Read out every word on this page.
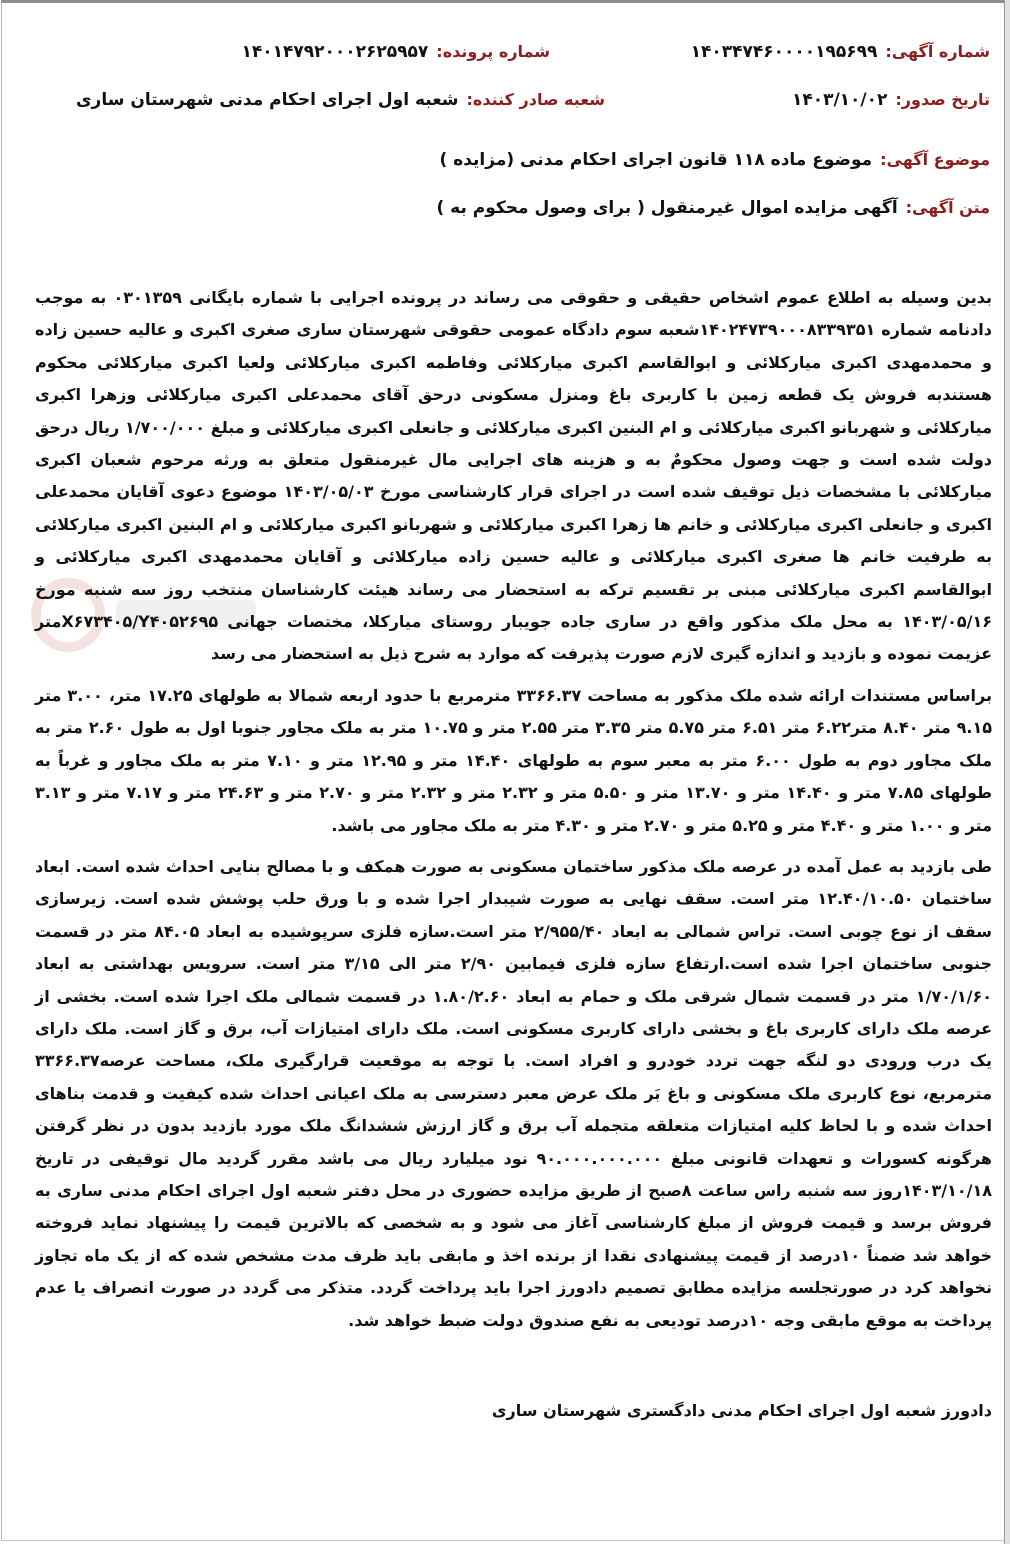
شماره آگهی:۱۴۰۳۴۷۴۶۰۰۰۰۱۹۵۶۹۹
شماره پرونده:۱۴۰۱۴۷۹۲۰۰۰۲۶۲۵۹۵۷
تاریخ صدور:۱۴۰۳/۱۰/۰۲
شعبه صادر کننده:شعبه اول اجرای احکام مدنی شهرستان ساری
موضوع آگهی:موضوع ماده ۱۱۸ قانون اجرای احکام مدنی (مزایده )
متن آگهی:آگهی مزایده اموال غیرمنقول ( برای وصول محکوم به )

بدین وسیله به اطلاع عموم اشخاص حقیقی و حقوقی می رساند در پرونده اجرایی با شماره بایگانی ۰۳۰۱۳۵۹ به موجب دادنامه شماره ۱۴۰۲۴۷۳۹۰۰۰۸۳۳۹۳۵۱شعبه سوم دادگاه عمومی حقوقی شهرستان ساری صغری اکبری و عالیه حسین زاده و محمدمهدی اکبری میارکلائی و ابوالقاسم اکبری میارکلائی وفاطمه اکبری میارکلائی ولعیا اکبری میارکلائی محکوم هستندبه فروش یک قطعه زمین با کاربری باغ ومنزل مسکونی درحق آقای محمدعلی اکبری میارکلائی وزهرا اکبری میارکلائی و شهربانو اکبری میارکلائی و ام البنین اکبری میارکلائی و جانعلی اکبری میارکلائی و مبلغ ۱/۷۰۰/۰۰۰ ریال درحق دولت شده است و جهت وصول محکومٌ به و هزینه های اجرایی مال غیرمنقول متعلق به ورثه مرحوم شعبان اکبری میارکلائی با مشخصات ذیل توقیف شده است در اجرای قرار کارشناسی مورخ ۱۴۰۳/۰۵/۰۳ موضوع دعوی آقایان محمدعلی اکبری و جانعلی اکبری میارکلائی و خانم ها زهرا اکبری میارکلائی و شهربانو اکبری میارکلائی و ام البنین اکبری میارکلائی به طرفیت خانم ها صغری اکبری میارکلائی و عالیه حسین زاده میارکلائی و آقایان محمدمهدی اکبری میارکلائی و ابوالقاسم اکبری میارکلائی مبنی بر تقسیم ترکه به استحضار می رساند هیئت کارشناسان منتخب روز سه شنبه مورخ ۱۴۰۳/۰۵/۱۶ به محل ملک مذکور واقع در ساری جاده جویبار روستای میارکلا، مختصات جهانی X۶۷۳۴۰۵/Y۴۰۵۲۶۹۵متر عزیمت نموده و بازدید و اندازه گیری لازم صورت پذیرفت که موارد به شرح ذیل به استحضار می رسد

براساس مستندات ارائه شده ملک مذکور به مساحت ۳۳۶۶.۳۷ مترمربع با حدود اربعه شمالا به طولهای ۱۷.۲۵ متر، ۳.۰۰ متر ۹.۱۵ متر ۸.۴۰ متر۶.۲۲ متر ۶.۵۱ متر ۵.۷۵ متر ۳.۳۵ متر ۲.۵۵ متر و ۱۰.۷۵ متر به ملک مجاور جنوبا اول به طول ۲.۶۰ متر به ملک مجاور دوم به طول ۶.۰۰ متر به معبر سوم به طولهای ۱۴.۴۰ متر و ۱۲.۹۵ متر و ۷.۱۰ متر به ملک مجاور و غرباً به طولهای ۷.۸۵ متر و ۱۴.۴۰ متر و ۱۳.۷۰ متر و ۵.۵۰ متر و ۲.۳۲ متر و ۲.۳۲ متر و ۲.۷۰ متر و ۲۴.۶۳ متر و ۷.۱۷ متر و ۳.۱۳ متر و ۱.۰۰ متر و ۴.۴۰ متر و ۵.۲۵ متر و ۲.۷۰ متر و ۴.۳۰ متر به ملک مجاور می باشد.

طی بازدید به عمل آمده در عرصه ملک مذکور ساختمان مسکونی به صورت همکف و با مصالح بنایی احداث شده است. ابعاد ساختمان ۱۲.۴۰/۱۰.۵۰ متر است. سقف نهایی به صورت شیبدار اجرا شده و با ورق حلب پوشش شده است. زیرسازی سقف از نوع چوبی است. تراس شمالی به ابعاد ۲/۹۵۵/۴۰ متر است.سازه فلزی سرپوشیده به ابعاد ۸۴.۰۵ متر در قسمت جنوبی ساختمان اجرا شده است.ارتفاع سازه فلزی فیمابین ۲/۹۰ متر الی ۳/۱۵ متر است. سرویس بهداشتی به ابعاد ۱/۷۰/۱/۶۰ متر در قسمت شمال شرقی ملک و حمام به ابعاد ۱.۸۰/۲.۶۰ در قسمت شمالی ملک اجرا شده است. بخشی از عرصه ملک دارای کاربری باغ و بخشی دارای کاربری مسکونی است. ملک دارای امتیازات آب، برق و گاز است. ملک دارای یک درب ورودی دو لنگه جهت تردد خودرو و افراد است. با توجه به موقعیت قرارگیری ملک، مساحت عرصه۳۳۶۶.۳۷ مترمربع، نوع کاربری ملک مسکونی و باغ بَر ملک عرض معبر دسترسی به ملک اعیانی احداث شده کیفیت و قدمت بناهای احداث شده و با لحاظ کلیه امتیازات متعلقه متجمله آب برق و گاز ارزش ششدانگ ملک مورد بازدید بدون در نظر گرفتن هرگونه کسورات و تعهدات قانونی مبلغ ۹۰.۰۰۰.۰۰۰.۰۰۰ نود میلیارد ریال می باشد مقرر گردید مال توقیفی در تاریخ ۱۴۰۳/۱۰/۱۸روز سه شنبه راس ساعت ۸صبح از طریق مزایده حضوری در محل دفتر شعبه اول اجرای احکام مدنی ساری به فروش برسد و قیمت فروش از مبلغ کارشناسی آغاز می شود و به شخصی که بالاترین قیمت را پیشنهاد نماید فروخته خواهد شد ضمناً ۱۰درصد از قیمت پیشنهادی نقدا از برنده اخذ و مابقی باید ظرف مدت مشخص شده که از یک ماه تجاوز نخواهد کرد در صورتجلسه مزایده مطابق تصمیم دادورز اجرا باید پرداخت گردد. متذکر می گردد در صورت انصراف یا عدم پرداخت به موقع مابقی وجه ۱۰درصد تودیعی به نفع صندوق دولت ضبط خواهد شد.

دادورز شعبه اول اجرای احکام مدنی دادگستری شهرستان ساری
